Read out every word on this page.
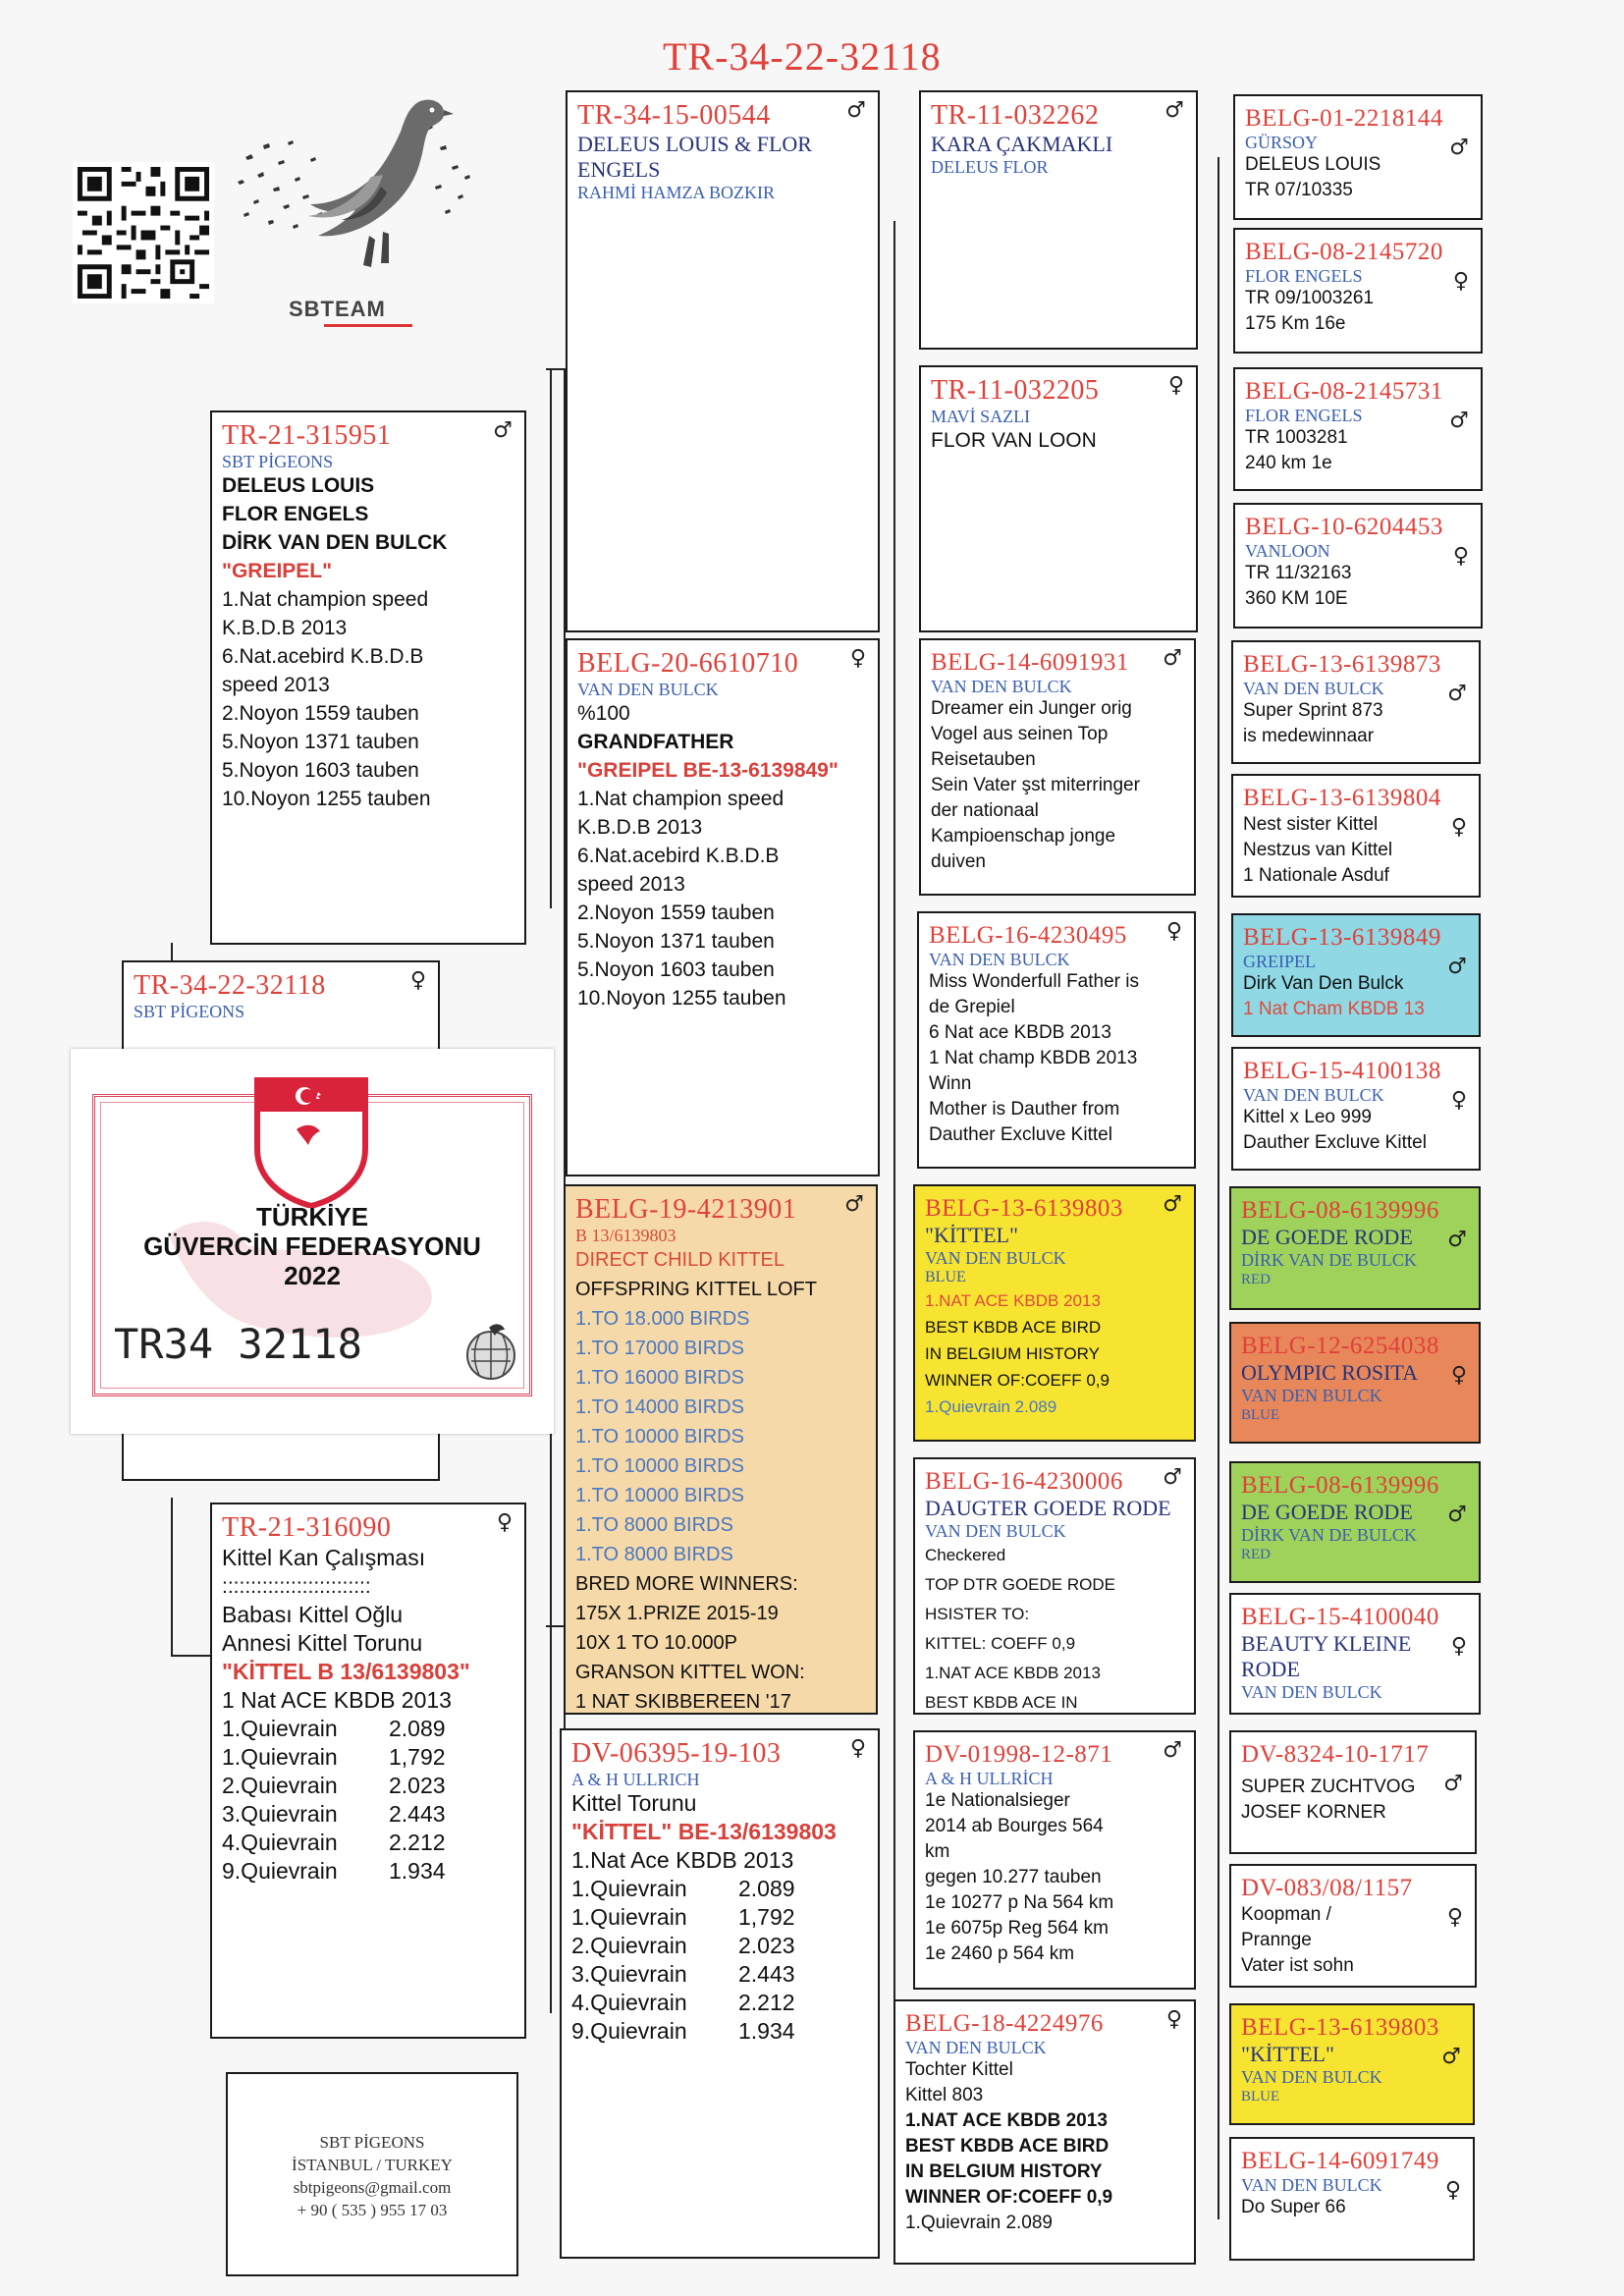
TR-34-22-32118
SBTEAM
TR-34-22-32118	♀
SBT PİGEONS
TR-21-315951	♂
SBT PİGEONS
DELEUS LOUIS
FLOR ENGELS
DİRK VAN DEN BULCK
"GREIPEL"
1.Nat champion speed
K.B.D.B 2013
6.Nat.acebird K.B.D.B
speed 2013
2.Noyon 1559 tauben
5.Noyon 1371 tauben
5.Noyon 1603 tauben
10.Noyon 1255 tauben
TR-21-316090	♀
Kittel Kan Çalışması
::::::::::::::::::::::::::
Babası Kittel Oğlu
Annesi Kittel Torunu
"KİTTEL B 13/6139803"
1 Nat ACE KBDB 2013
1.Quievrain 2.089
1.Quievrain 1,792
2.Quievrain 2.023
3.Quievrain 2.443
4.Quievrain 2.212
9.Quievrain 1.934
TR-34-15-00544	♂
DELEUS LOUIS & FLOR ENGELS
RAHMİ HAMZA BOZKIR
BELG-20-6610710	♀
VAN DEN BULCK
%100
GRANDFATHER
"GREIPEL BE-13-6139849"
1.Nat champion speed
K.B.D.B 2013
6.Nat.acebird K.B.D.B
speed 2013
2.Noyon 1559 tauben
5.Noyon 1371 tauben
5.Noyon 1603 tauben
10.Noyon 1255 tauben
BELG-19-4213901	♂
B 13/6139803
DIRECT CHILD KITTEL
OFFSPRING KITTEL LOFT
1.TO 18.000 BIRDS
1.TO 17000 BIRDS
1.TO 16000 BIRDS
1.TO 14000 BIRDS
1.TO 10000 BIRDS
1.TO 10000 BIRDS
1.TO 10000 BIRDS
1.TO 8000 BIRDS
1.TO 8000 BIRDS
BRED MORE WINNERS:
175X 1.PRIZE 2015-19
10X 1 TO 10.000P
GRANSON KITTEL WON:
1 NAT SKIBBEREEN '17
DV-06395-19-103	♀
A & H ULLRICH
Kittel Torunu
"KİTTEL" BE-13/6139803
1.Nat Ace KBDB 2013
1.Quievrain 2.089
1.Quievrain 1,792
2.Quievrain 2.023
3.Quievrain 2.443
4.Quievrain 2.212
9.Quievrain 1.934
TR-11-032262	♂
KARA ÇAKMAKLI
DELEUS FLOR
TR-11-032205	♀
MAVİ SAZLI
FLOR VAN LOON
BELG-14-6091931	♂
VAN DEN BULCK
Dreamer ein Junger orig
Vogel aus seinen Top
Reisetauben
Sein Vater şst miterringer
der nationaal
Kampioenschap jonge
duiven
BELG-16-4230495	♀
VAN DEN BULCK
Miss Wonderfull Father is
de Grepiel
6 Nat ace KBDB 2013
1 Nat champ KBDB 2013
Winn
Mother is Dauther from
Dauther Excluve Kittel
BELG-13-6139803	♂
"KİTTEL"
VAN DEN BULCK
BLUE
1.NAT ACE KBDB 2013
BEST KBDB ACE BIRD
IN BELGIUM HISTORY
WINNER OF:COEFF 0,9
1.Quievrain 2.089
BELG-16-4230006	♂
DAUGTER GOEDE RODE
VAN DEN BULCK
Checkered
TOP DTR GOEDE RODE
HSISTER TO:
KITTEL: COEFF 0,9
1.NAT ACE KBDB 2013
BEST KBDB ACE IN
DV-01998-12-871	♂
A & H ULLRİCH
1e Nationalsieger
2014 ab Bourges 564
km
gegen 10.277 tauben
1e 10277 p Na 564 km
1e 6075p Reg 564 km
1e 2460 p 564 km
BELG-18-4224976	♀
VAN DEN BULCK
Tochter Kittel
Kittel 803
1.NAT ACE KBDB 2013
BEST KBDB ACE BIRD
IN BELGIUM HISTORY
WINNER OF:COEFF 0,9
1.Quievrain 2.089
BELG-01-2218144
♂
GÜRSOY
DELEUS LOUIS
TR 07/10335
BELG-08-2145720
♀
FLOR ENGELS
TR 09/1003261
175 Km 16e
BELG-08-2145731
♂
FLOR ENGELS
TR 1003281
240 km 1e
BELG-10-6204453
♀
VANLOON
TR 11/32163
360 KM 10E
BELG-13-6139873
♂
VAN DEN BULCK
Super Sprint 873
is medewinnaar
BELG-13-6139804
♀
Nest sister Kittel
Nestzus van Kittel
1 Nationale Asduf
BELG-13-6139849
♂
GREIPEL
Dirk Van Den Bulck
1 Nat Cham KBDB 13
BELG-15-4100138
♀
VAN DEN BULCK
Kittel x Leo 999
Dauther Excluve Kittel
BELG-08-6139996
♂
DE GOEDE RODE
DİRK VAN DE BULCK
RED
BELG-12-6254038
♀
OLYMPIC ROSITA
VAN DEN BULCK
BLUE
BELG-08-6139996
♂
DE GOEDE RODE
DİRK VAN DE BULCK
RED
BELG-15-4100040
♀
BEAUTY KLEINE RODE
VAN DEN BULCK
DV-8324-10-1717
♂
SUPER ZUCHTVOG
JOSEF KORNER
DV-083/08/1157
♀
Koopman /
Prannge
Vater ist sohn
BELG-13-6139803
♂
"KİTTEL"
VAN DEN BULCK
BLUE
BELG-14-6091749
♀
VAN DEN BULCK
Do Super 66
TGF
TÜRKİYE
GÜVERCİN FEDERASYONU
2022
TR34 32118
SBT PİGEONS
İSTANBUL / TURKEY
sbtpigeons@gmail.com
+ 90 ( 535 ) 955 17 03
